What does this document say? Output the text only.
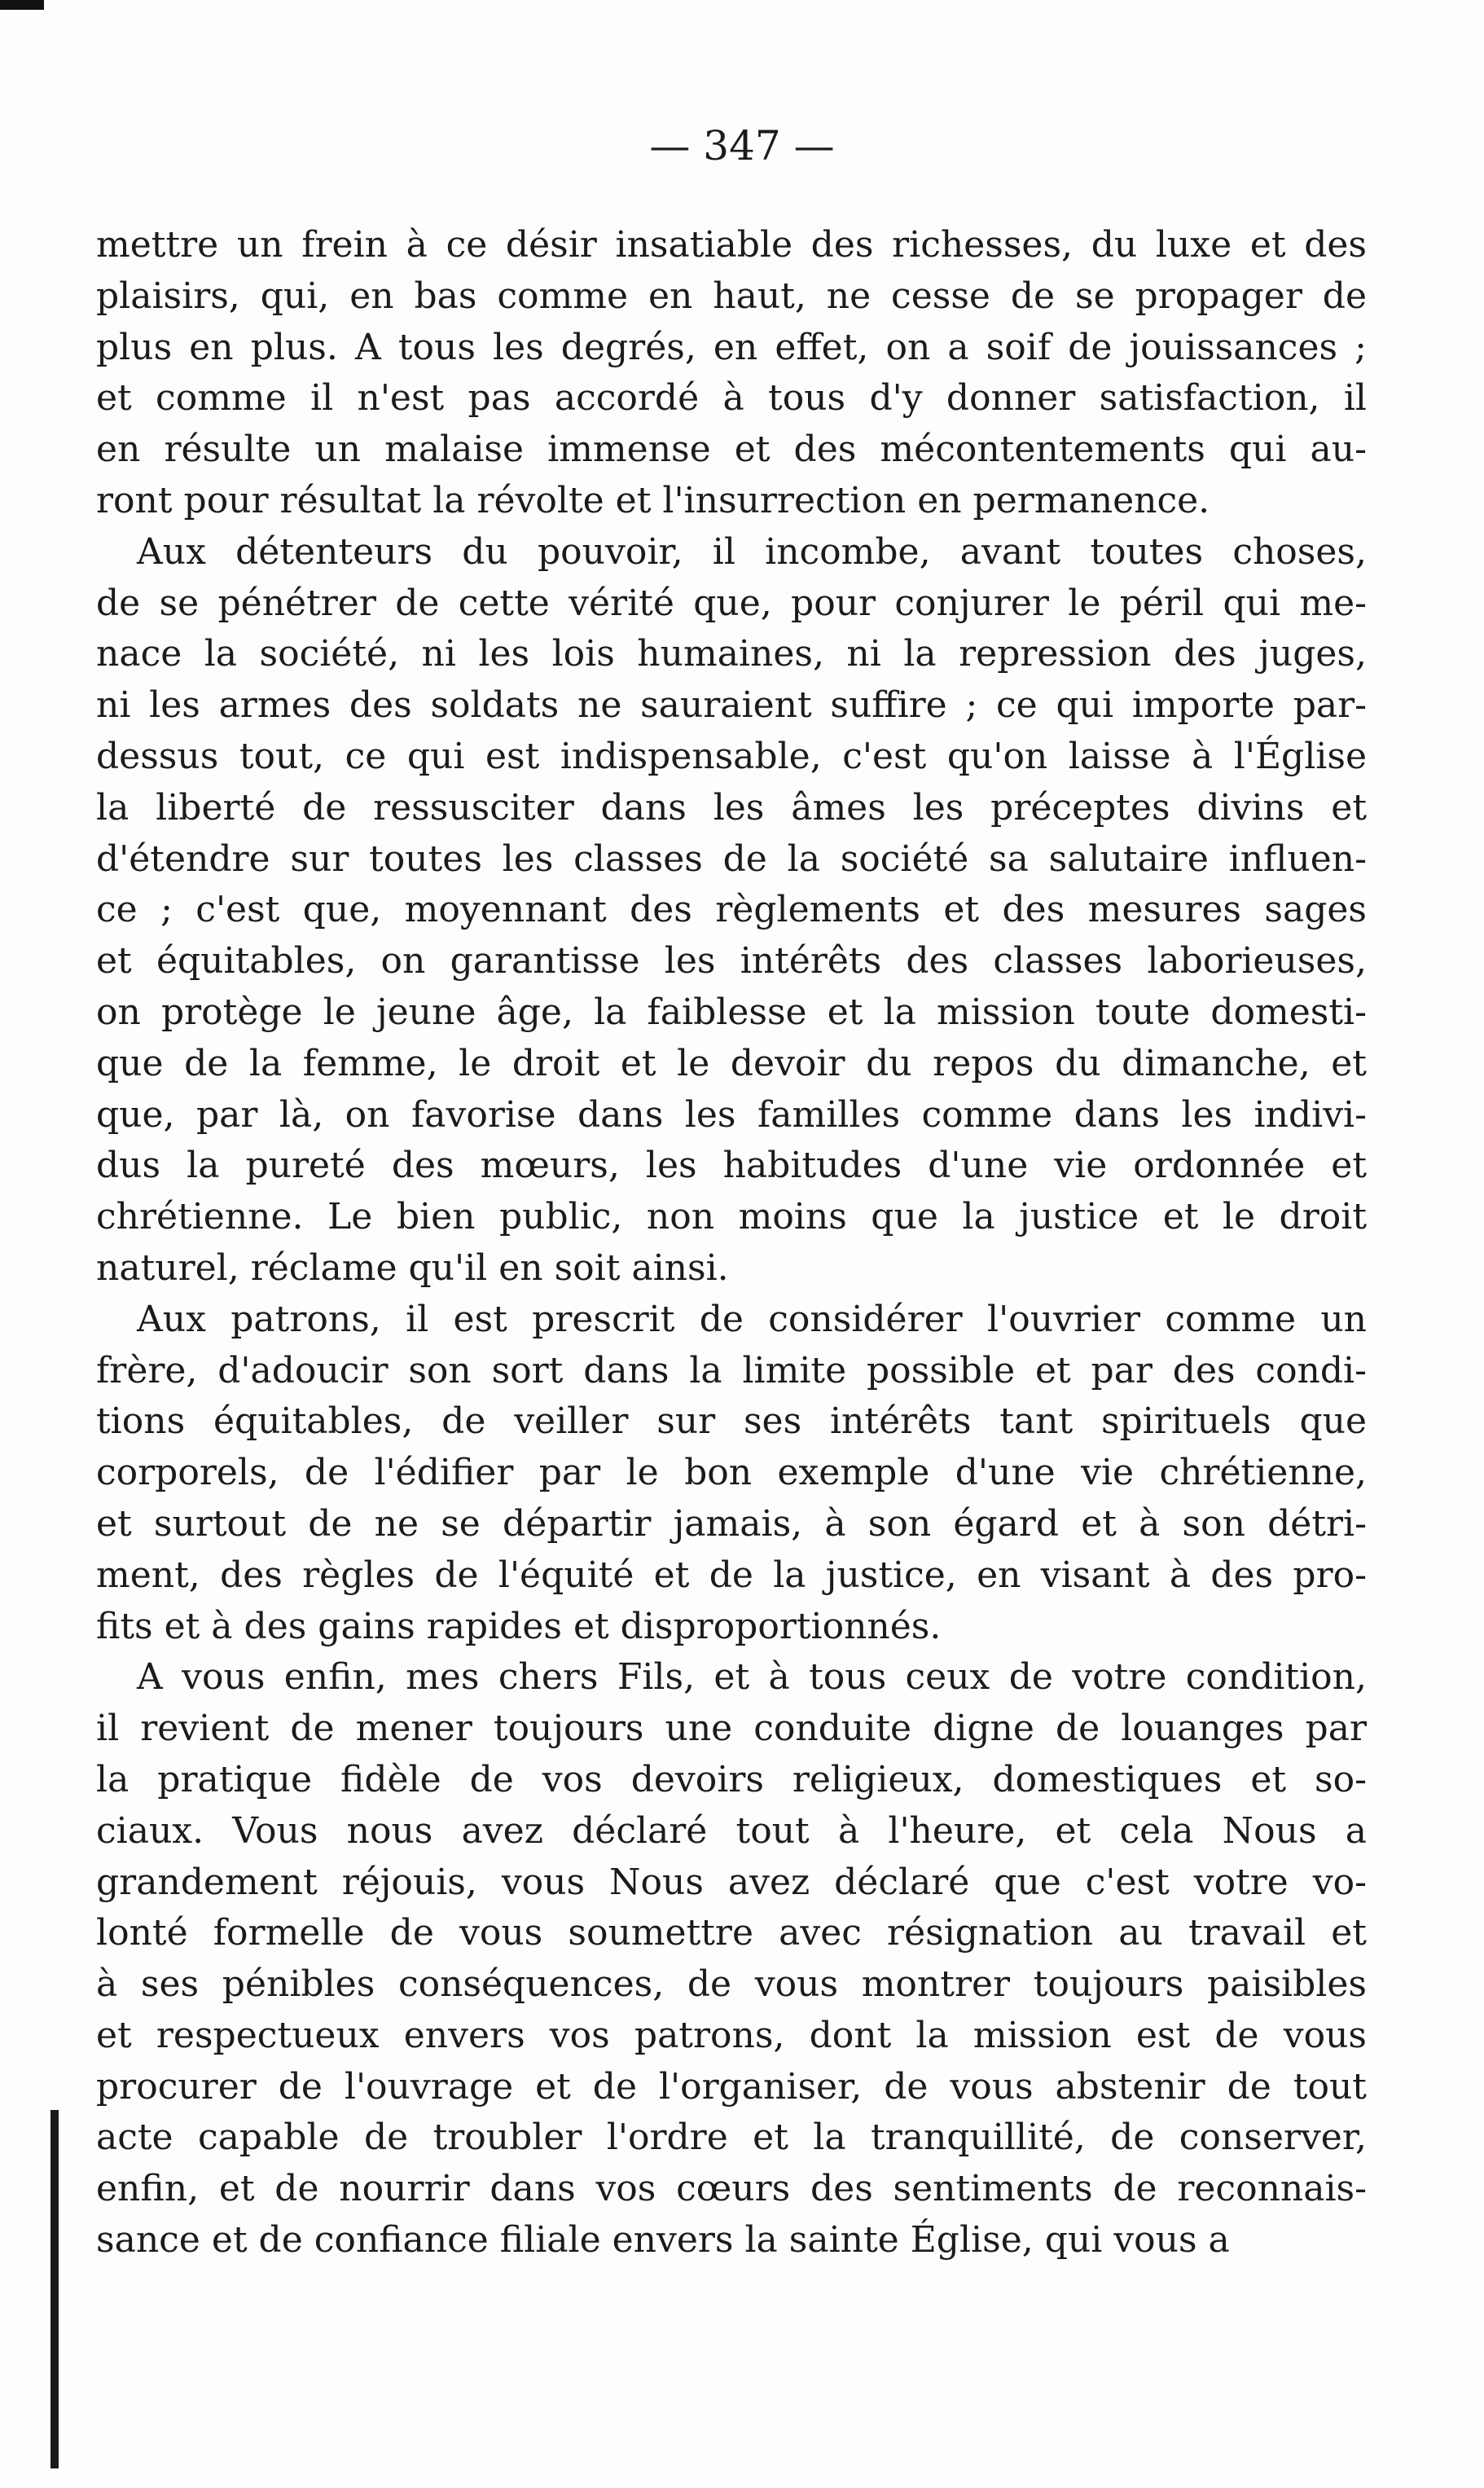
— 347 —

mettre un frein à ce désir insatiable des richesses, du luxe et des
plaisirs, qui, en bas comme en haut, ne cesse de se propager de
plus en plus. A tous les degrés, en effet, on a soif de jouissances ;
et comme il n'est pas accordé à tous d'y donner satisfaction, il
en résulte un malaise immense et des mécontentements qui au-
ront pour résultat la révolte et l'insurrection en permanence.
Aux détenteurs du pouvoir, il incombe, avant toutes choses,
de se pénétrer de cette vérité que, pour conjurer le péril qui me-
nace la société, ni les lois humaines, ni la repression des juges,
ni les armes des soldats ne sauraient suffire ; ce qui importe par-
dessus tout, ce qui est indispensable, c'est qu'on laisse à l'Église
la liberté de ressusciter dans les âmes les préceptes divins et
d'étendre sur toutes les classes de la société sa salutaire influen-
ce ; c'est que, moyennant des règlements et des mesures sages
et équitables, on garantisse les intérêts des classes laborieuses,
on protège le jeune âge, la faiblesse et la mission toute domesti-
que de la femme, le droit et le devoir du repos du dimanche, et
que, par là, on favorise dans les familles comme dans les indivi-
dus la pureté des mœurs, les habitudes d'une vie ordonnée et
chrétienne. Le bien public, non moins que la justice et le droit
naturel, réclame qu'il en soit ainsi.
Aux patrons, il est prescrit de considérer l'ouvrier comme un
frère, d'adoucir son sort dans la limite possible et par des condi-
tions équitables, de veiller sur ses intérêts tant spirituels que
corporels, de l'édifier par le bon exemple d'une vie chrétienne,
et surtout de ne se départir jamais, à son égard et à son détri-
ment, des règles de l'équité et de la justice, en visant à des pro-
fits et à des gains rapides et disproportionnés.
A vous enfin, mes chers Fils, et à tous ceux de votre condition,
il revient de mener toujours une conduite digne de louanges par
la pratique fidèle de vos devoirs religieux, domestiques et so-
ciaux. Vous nous avez déclaré tout à l'heure, et cela Nous a
grandement réjouis, vous Nous avez déclaré que c'est votre vo-
lonté formelle de vous soumettre avec résignation au travail et
à ses pénibles conséquences, de vous montrer toujours paisibles
et respectueux envers vos patrons, dont la mission est de vous
procurer de l'ouvrage et de l'organiser, de vous abstenir de tout
acte capable de troubler l'ordre et la tranquillité, de conserver,
enfin, et de nourrir dans vos cœurs des sentiments de reconnais-
sance et de confiance filiale envers la sainte Église, qui vous a
